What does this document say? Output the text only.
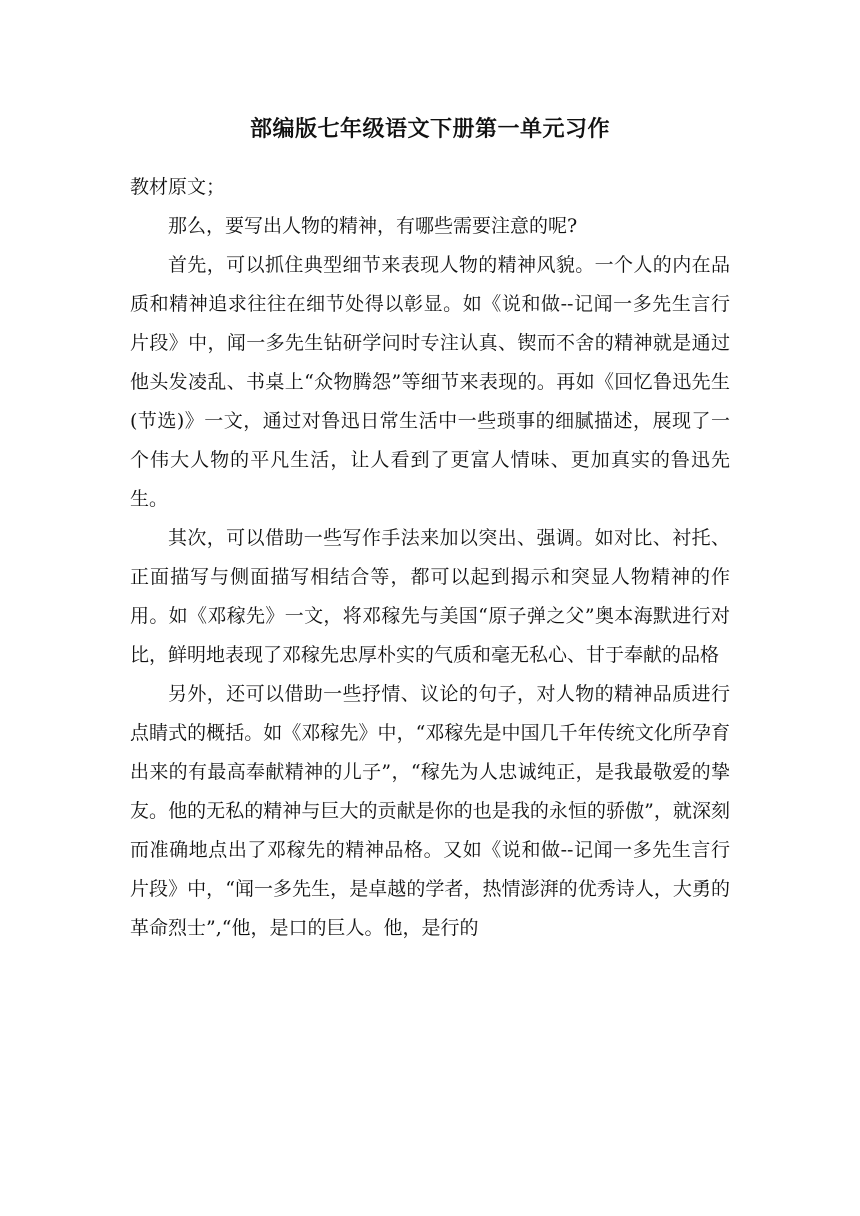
部编版七年级语文下册第一单元习作

教材原文；

那么，要写出人物的精神，有哪些需要注意的呢?

首先，可以抓住典型细节来表现人物的精神风貌。一个人的内在品质和精神追求往往在细节处得以彰显。如《说和做--记闻一多先生言行片段》中，闻一多先生钻研学问时专注认真、锲而不舍的精神就是通过他头发凌乱、书桌上“众物腾怨”等细节来表现的。再如《回忆鲁迅先生(节选)》一文，通过对鲁迅日常生活中一些琐事的细腻描述，展现了一个伟大人物的平凡生活，让人看到了更富人情味、更加真实的鲁迅先生。

其次，可以借助一些写作手法来加以突出、强调。如对比、衬托、正面描写与侧面描写相结合等，都可以起到揭示和突显人物精神的作用。如《邓稼先》一文，将邓稼先与美国“原子弹之父”奥本海默进行对比，鲜明地表现了邓稼先忠厚朴实的气质和毫无私心、甘于奉献的品格

另外，还可以借助一些抒情、议论的句子，对人物的精神品质进行点睛式的概括。如《邓稼先》中，“邓稼先是中国几千年传统文化所孕育出来的有最高奉献精神的儿子”，“稼先为人忠诚纯正，是我最敬爱的挚友。他的无私的精神与巨大的贡献是你的也是我的永恒的骄傲”，就深刻而准确地点出了邓稼先的精神品格。又如《说和做--记闻一多先生言行片段》中，“闻一多先生，是卓越的学者，热情澎湃的优秀诗人，大勇的革命烈士”,“他，是口的巨人。他，是行的
